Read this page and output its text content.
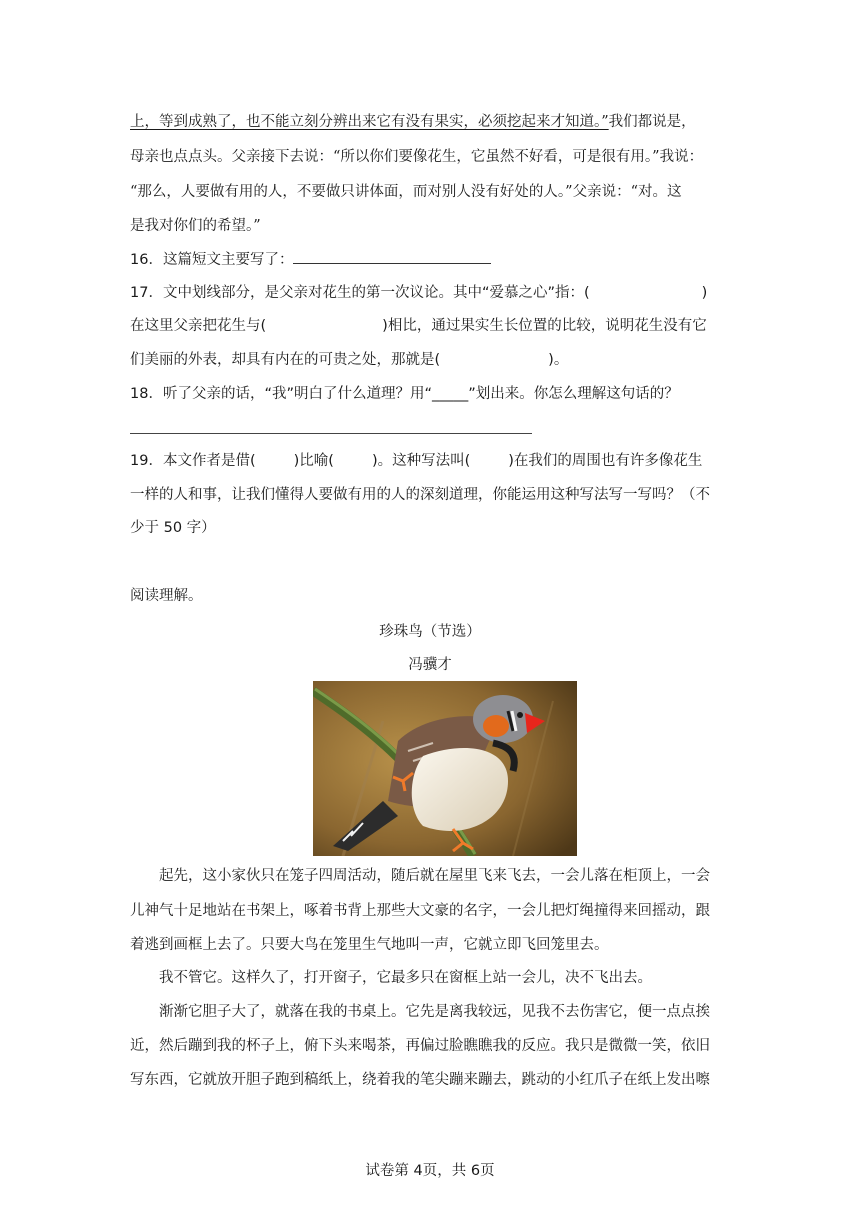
上，等到成熟了，也不能立刻分辨出来它有没有果实，必须挖起来才知道。”我们都说是，
母亲也点点头。父亲接下去说：“所以你们要像花生，它虽然不好看，可是很有用。”我说：
“那么，人要做有用的人，不要做只讲体面，而对别人没有好处的人。”父亲说：“对。这
是我对你们的希望。”
16．这篇短文主要写了：
17．文中划线部分，是父亲对花生的第一次议论。其中“爱慕之心”指：(	)
在这里父亲把花生与(	)相比，通过果实生长位置的比较，说明花生没有它
们美丽的外表，却具有内在的可贵之处，那就是(	)。
18．听了父亲的话，“我”明白了什么道理？用“_____”划出来。你怎么理解这句话的？
19．本文作者是借(	)比喻(	)。这种写法叫(	)在我们的周围也有许多像花生
一样的人和事，让我们懂得人要做有用的人的深刻道理，你能运用这种写法写一写吗？（不
少于 50 字）
阅读理解。
珍珠鸟（节选）
冯骥才
起先，这小家伙只在笼子四周活动，随后就在屋里飞来飞去，一会儿落在柜顶上，一会
儿神气十足地站在书架上，啄着书背上那些大文豪的名字，一会儿把灯绳撞得来回摇动，跟
着逃到画框上去了。只要大鸟在笼里生气地叫一声，它就立即飞回笼里去。
我不管它。这样久了，打开窗子，它最多只在窗框上站一会儿，决不飞出去。
渐渐它胆子大了，就落在我的书桌上。它先是离我较远，见我不去伤害它，便一点点挨
近，然后蹦到我的杯子上，俯下头来喝茶，再偏过脸瞧瞧我的反应。我只是微微一笑，依旧
写东西，它就放开胆子跑到稿纸上，绕着我的笔尖蹦来蹦去，跳动的小红爪子在纸上发出嚓
试卷第 4页，共 6页
